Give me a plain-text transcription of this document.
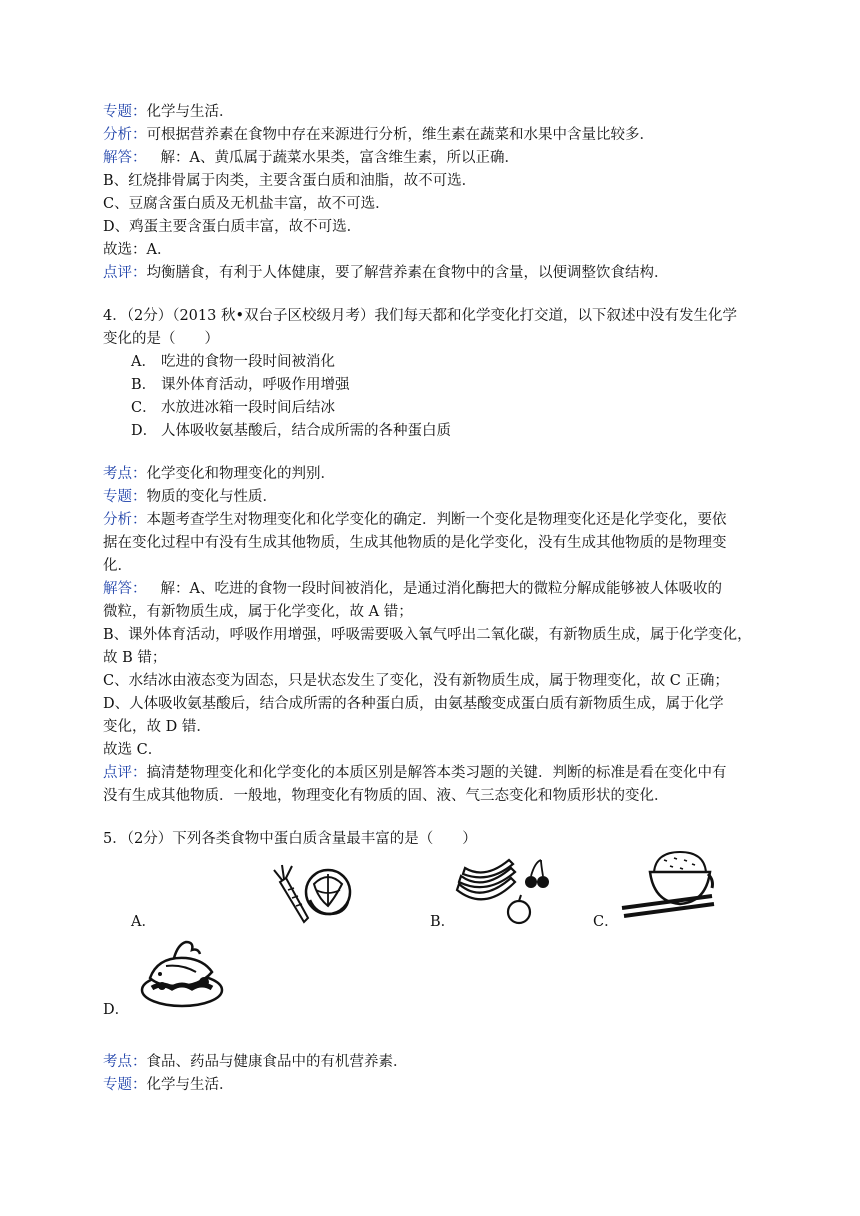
专题：化学与生活．
分析：可根据营养素在食物中存在来源进行分析，维生素在蔬菜和水果中含量比较多．
解答： 解：A、黄瓜属于蔬菜水果类，富含维生素，所以正确．
B、红烧排骨属于肉类，主要含蛋白质和油脂，故不可选．
C、豆腐含蛋白质及无机盐丰富，故不可选．
D、鸡蛋主要含蛋白质丰富，故不可选．
故选：A．
点评：均衡膳食，有利于人体健康，要了解营养素在食物中的含量，以便调整饮食结构．
4．（2分）（2013 秋•双台子区校级月考）我们每天都和化学变化打交道，以下叙述中没有发生化学
变化的是（　　）
A． 吃进的食物一段时间被消化
B． 课外体育活动，呼吸作用增强
C． 水放进冰箱一段时间后结冰
D． 人体吸收氨基酸后，结合成所需的各种蛋白质
考点：化学变化和物理变化的判别．
专题：物质的变化与性质．
分析：本题考查学生对物理变化和化学变化的确定．判断一个变化是物理变化还是化学变化，要依
据在变化过程中有没有生成其他物质，生成其他物质的是化学变化，没有生成其他物质的是物理变
化．
解答： 解：A、吃进的食物一段时间被消化，是通过消化酶把大的微粒分解成能够被人体吸收的
微粒，有新物质生成，属于化学变化，故 A 错；
B、课外体育活动，呼吸作用增强，呼吸需要吸入氧气呼出二氧化碳，有新物质生成，属于化学变化，
故 B 错；
C、水结冰由液态变为固态，只是状态发生了变化，没有新物质生成，属于物理变化，故 C 正确；
D、人体吸收氨基酸后，结合成所需的各种蛋白质，由氨基酸变成蛋白质有新物质生成，属于化学
变化，故 D 错．
故选 C．
点评：搞清楚物理变化和化学变化的本质区别是解答本类习题的关键．判断的标准是看在变化中有
没有生成其他物质．一般地，物理变化有物质的固、液、气三态变化和物质形状的变化．
5．（2分）下列各类食物中蛋白质含量最丰富的是（　　）
A．	B．	C．
D．
考点：食品、药品与健康食品中的有机营养素．
专题：化学与生活．
